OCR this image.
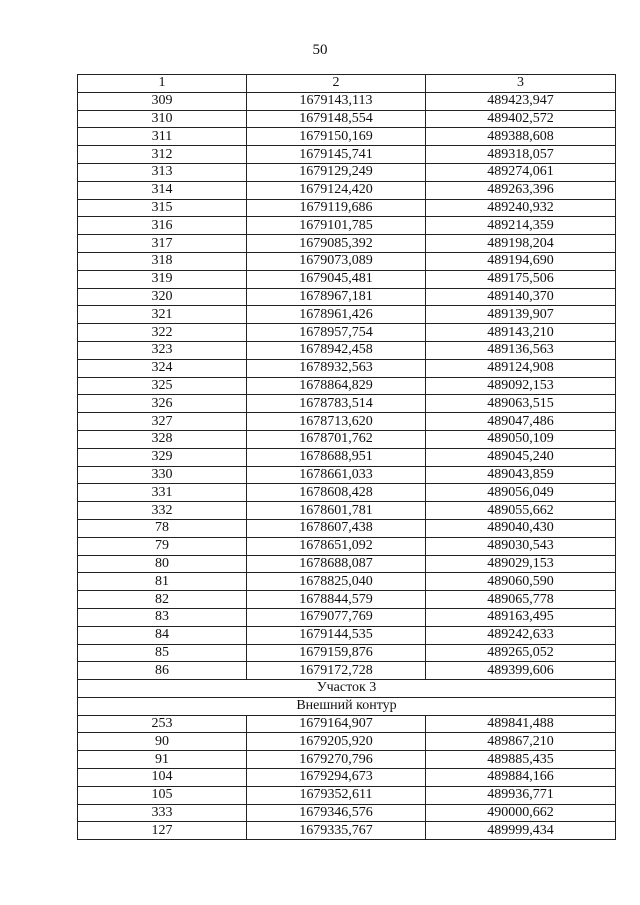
50
1	2	3
309	1679143,113	489423,947
310	1679148,554	489402,572
311	1679150,169	489388,608
312	1679145,741	489318,057
313	1679129,249	489274,061
314	1679124,420	489263,396
315	1679119,686	489240,932
316	1679101,785	489214,359
317	1679085,392	489198,204
318	1679073,089	489194,690
319	1679045,481	489175,506
320	1678967,181	489140,370
321	1678961,426	489139,907
322	1678957,754	489143,210
323	1678942,458	489136,563
324	1678932,563	489124,908
325	1678864,829	489092,153
326	1678783,514	489063,515
327	1678713,620	489047,486
328	1678701,762	489050,109
329	1678688,951	489045,240
330	1678661,033	489043,859
331	1678608,428	489056,049
332	1678601,781	489055,662
78	1678607,438	489040,430
79	1678651,092	489030,543
80	1678688,087	489029,153
81	1678825,040	489060,590
82	1678844,579	489065,778
83	1679077,769	489163,495
84	1679144,535	489242,633
85	1679159,876	489265,052
86	1679172,728	489399,606
Участок 3		
Внешний контур		
253	1679164,907	489841,488
90	1679205,920	489867,210
91	1679270,796	489885,435
104	1679294,673	489884,166
105	1679352,611	489936,771
333	1679346,576	490000,662
127	1679335,767	489999,434
